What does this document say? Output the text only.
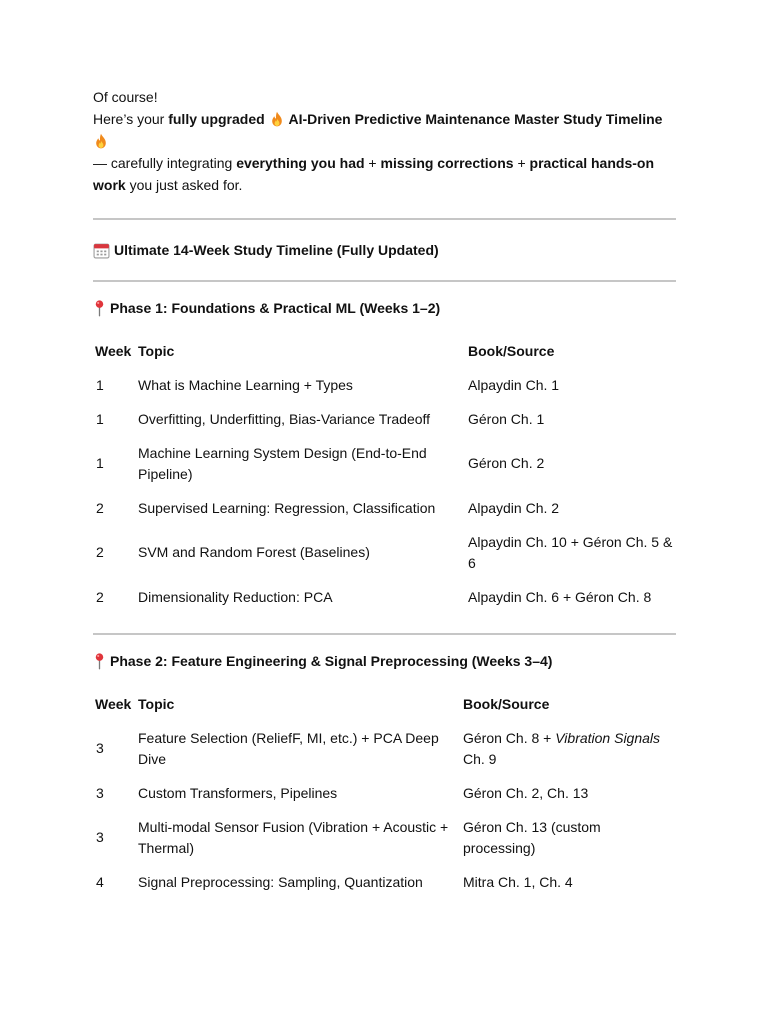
Of course!

Here’s your fully upgraded AI-Driven Predictive Maintenance Master Study Timeline

— carefully integrating everything you had + missing corrections + practical hands-on work you just asked for.

Ultimate 14-Week Study Timeline (Fully Updated)
Phase 1: Foundations & Practical ML (Weeks 1–2)
Week	Topic	Book/Source
1	What is Machine Learning + Types	Alpaydin Ch. 1
1	Overfitting, Underfitting, Bias-Variance Tradeoff	Géron Ch. 1
1	Machine Learning System Design (End-to-End Pipeline)	Géron Ch. 2
2	Supervised Learning: Regression, Classification	Alpaydin Ch. 2
2	SVM and Random Forest (Baselines)	Alpaydin Ch. 10 + Géron Ch. 5 & 6
2	Dimensionality Reduction: PCA	Alpaydin Ch. 6 + Géron Ch. 8
Phase 2: Feature Engineering & Signal Preprocessing (Weeks 3–4)
Week	Topic	Book/Source
3	Feature Selection (ReliefF, MI, etc.) + PCA Deep Dive	Géron Ch. 8 + Vibration Signals Ch. 9
3	Custom Transformers, Pipelines	Géron Ch. 2, Ch. 13
3	Multi-modal Sensor Fusion (Vibration + Acoustic + Thermal)	Géron Ch. 13 (custom processing)
4	Signal Preprocessing: Sampling, Quantization	Mitra Ch. 1, Ch. 4
